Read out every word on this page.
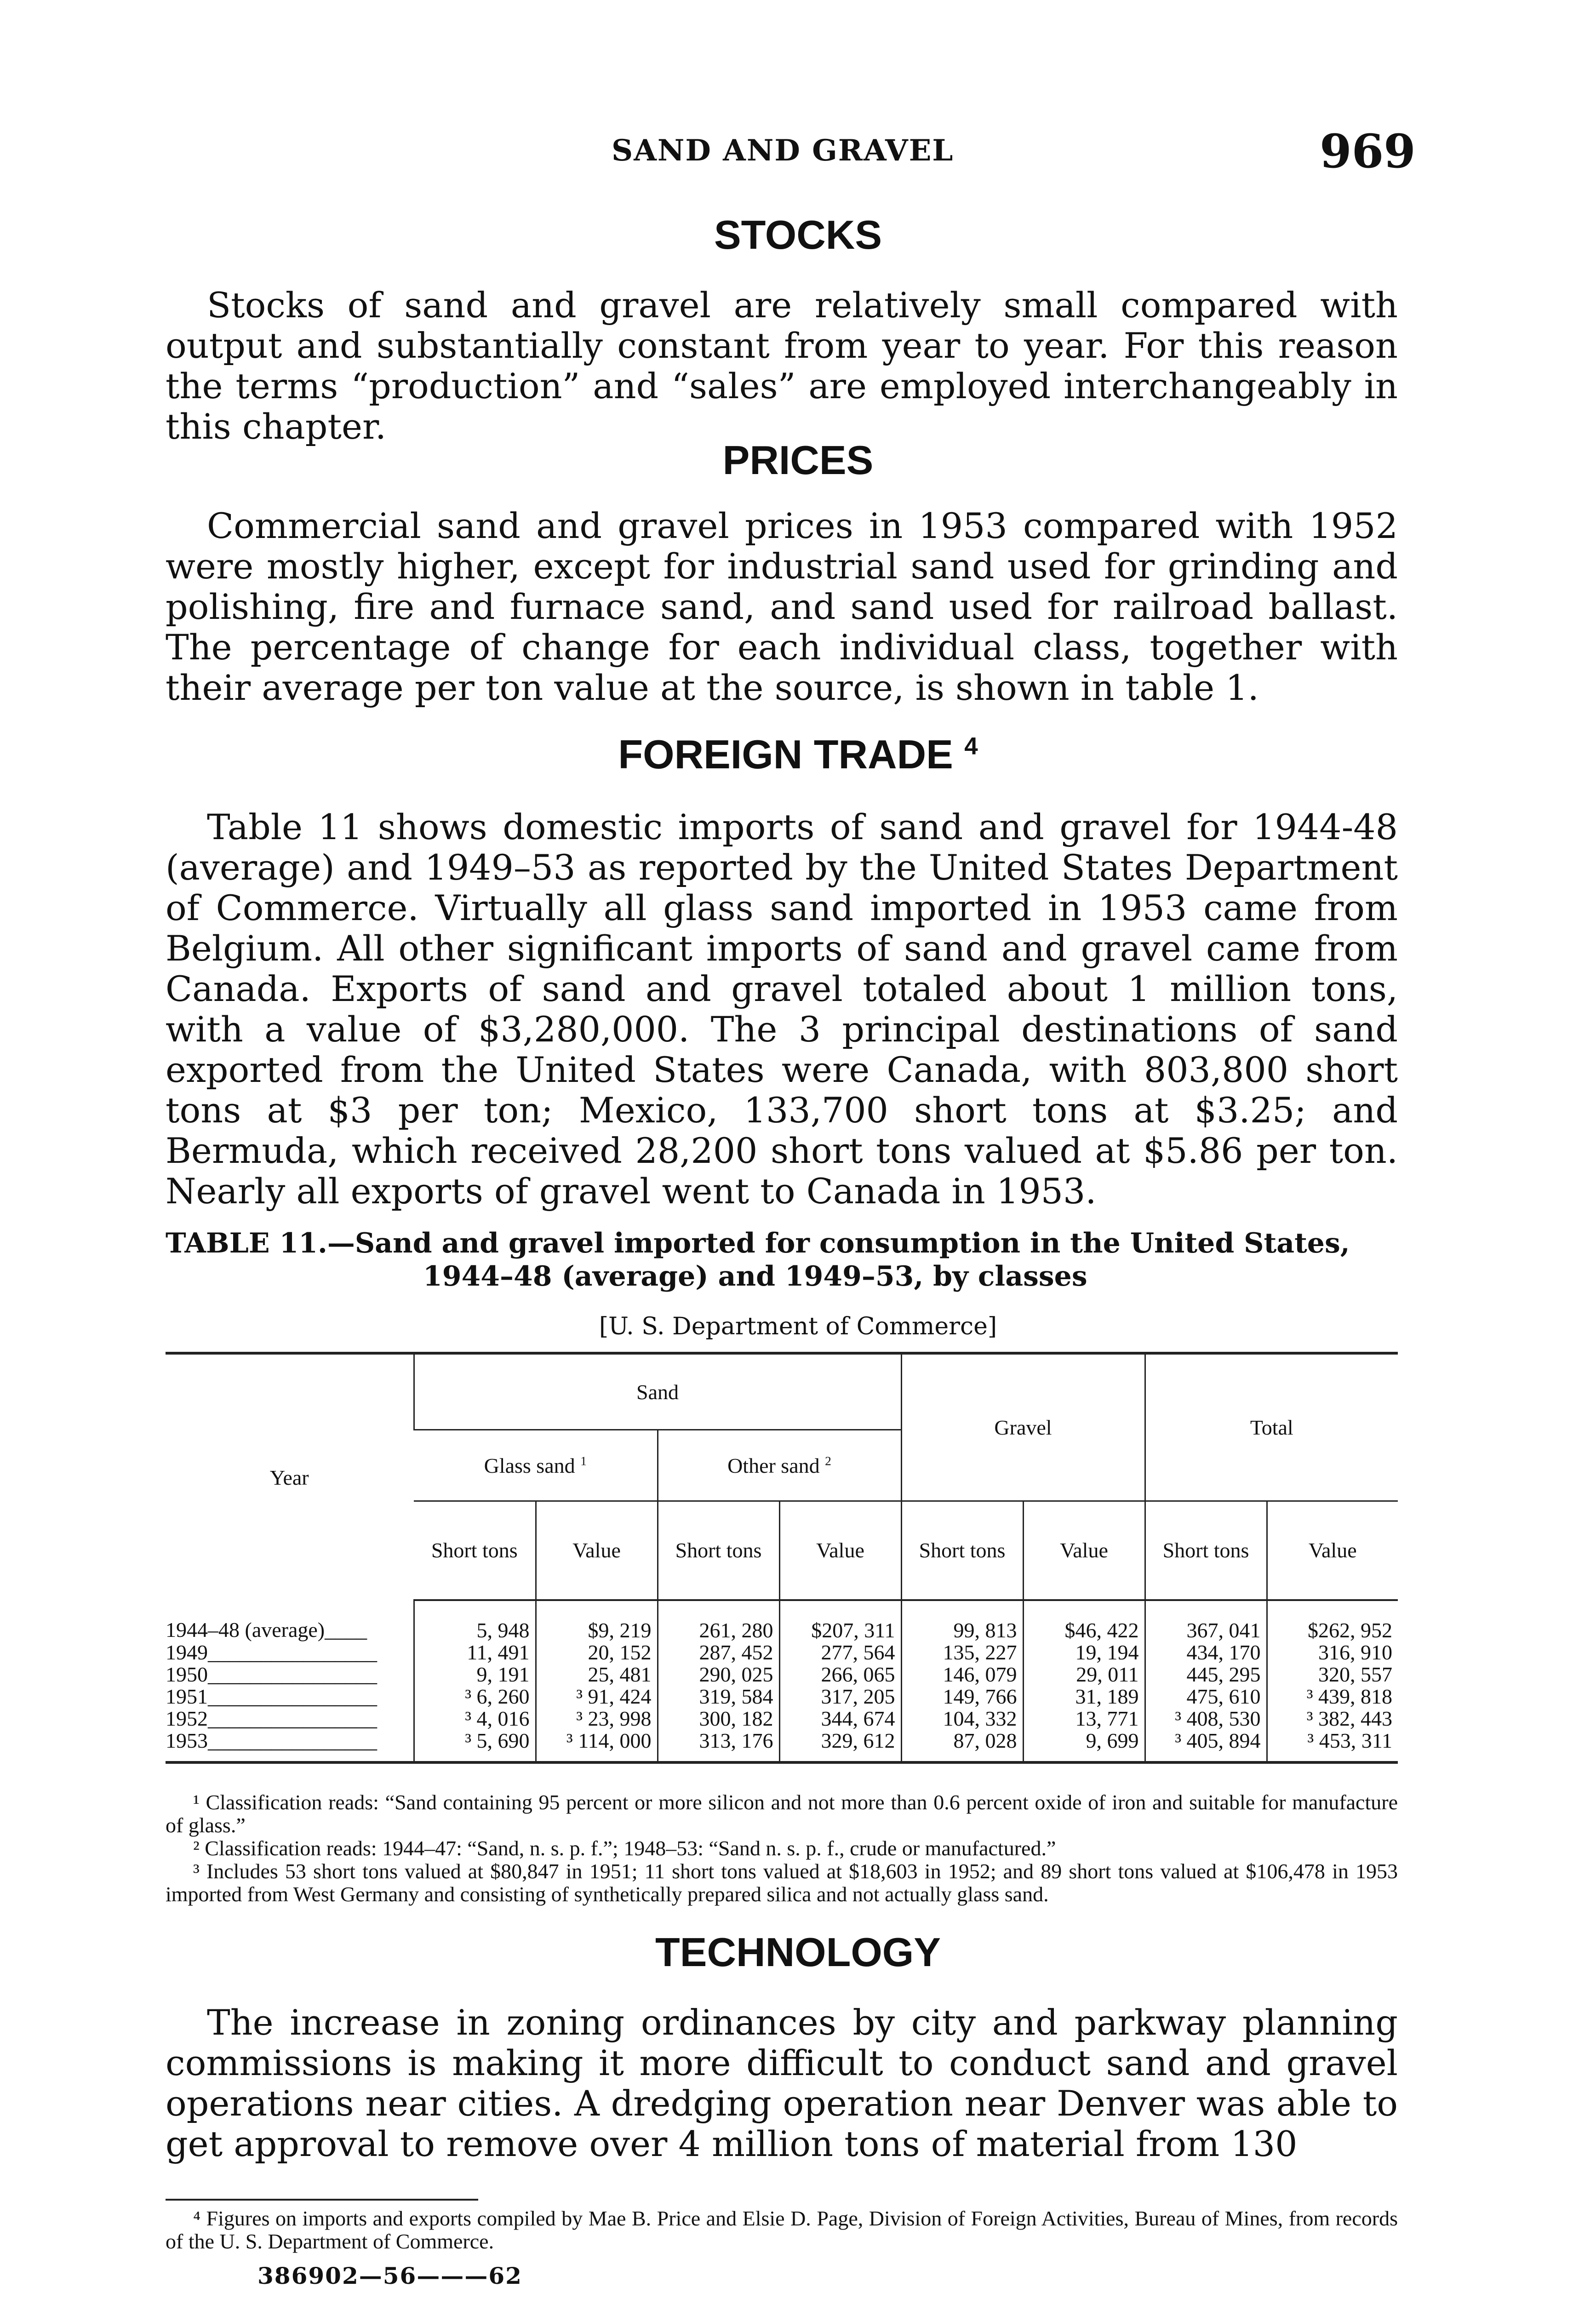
SAND AND GRAVEL	969
STOCKS

Stocks of sand and gravel are relatively small compared with output and substantially constant from year to year. For this reason the terms “production” and “sales” are employed interchangeably in this chapter.

PRICES

Commercial sand and gravel prices in 1953 compared with 1952 were mostly higher, except for industrial sand used for grinding and polishing, fire and furnace sand, and sand used for railroad ballast. The percentage of change for each individual class, together with their average per ton value at the source, is shown in table 1.

FOREIGN TRADE $^4$

Table 11 shows domestic imports of sand and gravel for 1944-48 (average) and 1949–53 as reported by the United States Department of Commerce. Virtually all glass sand imported in 1953 came from Belgium. All other significant imports of sand and gravel came from Canada. Exports of sand and gravel totaled about 1 million tons, with a value of $3,280,000. The 3 principal destinations of sand exported from the United States were Canada, with 803,800 short tons at $3 per ton; Mexico, 133,700 short tons at $3.25; and Bermuda, which received 28,200 short tons valued at $5.86 per ton. Nearly all exports of gravel went to Canada in 1953.

TABLE 11.—Sand and gravel imported for consumption in the United States,
1944–48 (average) and 1949–53, by classes
[U. S. Department of Commerce]
Year	Sand				Gravel		Total	
	Glass sand $^1$		Other sand $^2$
	Short tons	Value	Short tons	Value	Short tons	Value	Short tons	Value
1944–48 (average)____	5, 948	$9, 219	261, 280	$207, 311	99, 813	$46, 422	367, 041	$262, 952
1949________________	11, 491	20, 152	287, 452	277, 564	135, 227	19, 194	434, 170	316, 910
1950________________	9, 191	25, 481	290, 025	266, 065	146, 079	29, 011	445, 295	320, 557
1951________________	³ 6, 260	³ 91, 424	319, 584	317, 205	149, 766	31, 189	475, 610	³ 439, 818
1952________________	³ 4, 016	³ 23, 998	300, 182	344, 674	104, 332	13, 771	³ 408, 530	³ 382, 443
1953________________	³ 5, 690	³ 114, 000	313, 176	329, 612	87, 028	9, 699	³ 405, 894	³ 453, 311

¹ Classification reads: “Sand containing 95 percent or more silicon and not more than 0.6 percent oxide of iron and suitable for manufacture of glass.”

² Classification reads: 1944–47: “Sand, n. s. p. f.”; 1948–53: “Sand n. s. p. f., crude or manufactured.”

³ Includes 53 short tons valued at $80,847 in 1951; 11 short tons valued at $18,603 in 1952; and 89 short tons valued at $106,478 in 1953 imported from West Germany and consisting of synthetically prepared silica and not actually glass sand.

TECHNOLOGY

The increase in zoning ordinances by city and parkway planning commissions is making it more difficult to conduct sand and gravel operations near cities. A dredging operation near Denver was able to get approval to remove over 4 million tons of material from 130

⁴ Figures on imports and exports compiled by Mae B. Price and Elsie D. Page, Division of Foreign Activities, Bureau of Mines, from records of the U. S. Department of Commerce.

386902—56———62
